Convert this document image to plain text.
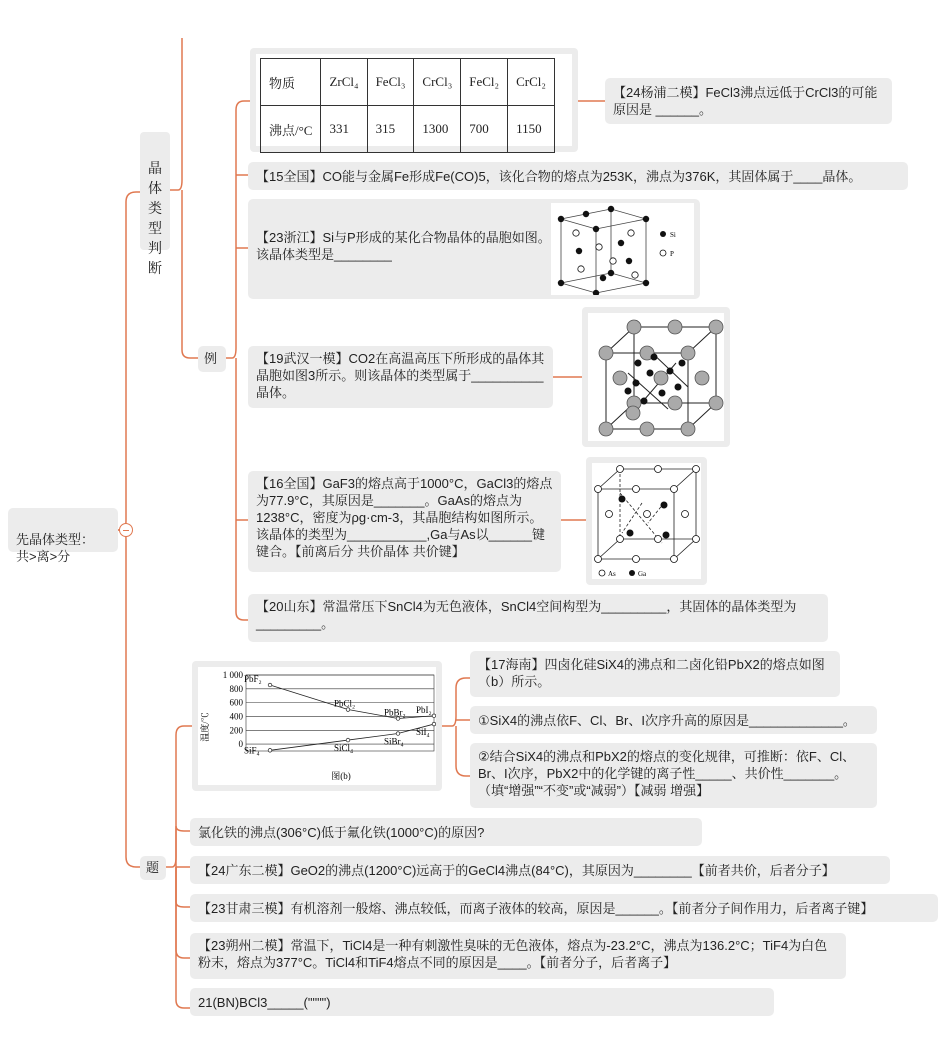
先晶体类型：
共>离>分

晶
体
类
型
判
断

例
物质	ZrCl₄	FeCl₃	CrCl₃	FeCl₂	CrCl₂
沸点/°C	331	315	1300	700	1150
【24杨浦二模】FeCl3沸点远低于CrCl3的可能原因是 ______。
【15全国】CO能与金属Fe形成Fe(CO)5，该化合物的熔点为253K，沸点为376K，其固体属于____晶体。
【23浙江】Si与P形成的某化合物晶体的晶胞如图。该晶体类型是________
Si
P
【19武汉一模】CO2在高温高压下所形成的晶体其晶胞如图3所示。则该晶体的类型属于__________晶体。
【16全国】GaF3的熔点高于1000°C，GaCl3的熔点为77.9°C，其原因是_______。GaAs的熔点为1238°C，密度为ρg·cm-3，其晶胞结构如图所示。该晶体的类型为___________,Ga与As以______键键合。【前离后分 共价晶体 共价键】
As	Ga
【20山东】常温常压下SnCl4为无色液体，SnCl4空间构型为_________，其固体的晶体类型为_________。
题
温度/℃
0
200
400
600
800
1 000 PbF₂
PbCl₂
PbBr₂ PbI₂
SiF₄	SiCl₄
SiBr₄
SiI₄
图(b)
【17海南】四卤化硅SiX4的沸点和二卤化铅PbX2的熔点如图（b）所示。
①SiX4的沸点依F、Cl、Br、I次序升高的原因是_____________。
②结合SiX4的沸点和PbX2的熔点的变化规律，可推断：依F、Cl、Br、I次序，PbX2中的化学键的离子性_____、共价性_______。（填“增强”“不变”或“减弱”）【减弱 增强】
氯化铁的沸点(306°C)低于氟化铁(1000°C)的原因?
【24广东二模】GeO2的沸点(1200°C)远高于的GeCl4沸点(84°C)，其原因为________【前者共价，后者分子】
【23甘肃三模】有机溶剂一般熔、沸点较低，而离子液体的较高，原因是______。【前者分子间作用力，后者离子键】
【23朔州二模】常温下，TiCl4是一种有刺激性臭味的无色液体，熔点为-23.2°C，沸点为136.2°C；TiF4为白色粉末，熔点为377°C。TiCl4和TiF4熔点不同的原因是____。【前者分子，后者离子】
21(BN)BCl3_____("""")
